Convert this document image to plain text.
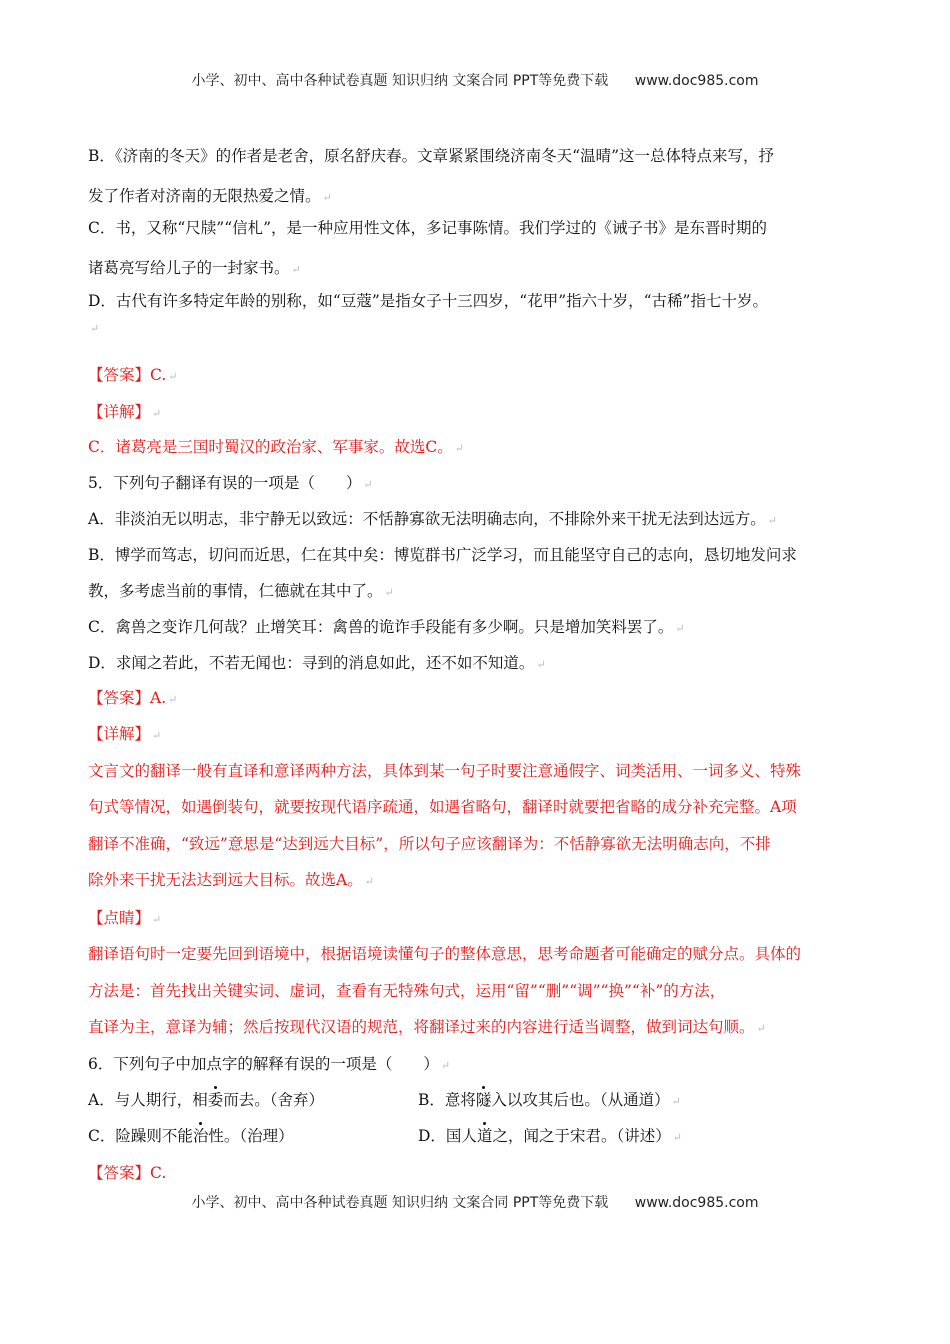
小学、初中、高中各种试卷真题 知识归纳 文案合同 PPT等免费下载 www.doc985.com
B．《济南的冬天》的作者是老舍，原名舒庆春。文章紧紧围绕济南冬天“温晴”这一总体特点来写，抒
发了作者对济南的无限热爱之情。 ↵
C．书，又称“尺牍”“信札”，是一种应用性文体，多记事陈情。我们学过的《诫子书》是东晋时期的
诸葛亮写给儿子的一封家书。 ↵
D．古代有许多特定年龄的别称，如“豆蔻”是指女子十三四岁，“花甲”指六十岁，“古稀”指七十岁。
↵
【答案】C. ↵
【详解】 ↵
C．诸葛亮是三国时蜀汉的政治家、军事家。故选C。 ↵
5．下列句子翻译有误的一项是（　　） ↵
A．非淡泊无以明志，非宁静无以致远：不恬静寡欲无法明确志向，不排除外来干扰无法到达远方。 ↵
B．博学而笃志，切问而近思，仁在其中矣：博览群书广泛学习，而且能坚守自己的志向，恳切地发问求
教，多考虑当前的事情，仁德就在其中了。 ↵
C．禽兽之变诈几何哉？止增笑耳：禽兽的诡诈手段能有多少啊。只是增加笑料罢了。 ↵
D．求闻之若此，不若无闻也：寻到的消息如此，还不如不知道。 ↵
【答案】A. ↵
【详解】 ↵
文言文的翻译一般有直译和意译两种方法，具体到某一句子时要注意通假字、词类活用、一词多义、特殊
句式等情况，如遇倒装句，就要按现代语序疏通，如遇省略句，翻译时就要把省略的成分补充完整。A项
翻译不准确，“致远”意思是“达到远大目标”，所以句子应该翻译为：不恬静寡欲无法明确志向，不排
除外来干扰无法达到远大目标。故选A。 ↵
【点睛】 ↵
翻译语句时一定要先回到语境中，根据语境读懂句子的整体意思，思考命题者可能确定的赋分点。具体的
方法是：首先找出关键实词、虚词，查看有无特殊句式，运用“留”“删”“调”“换”“补”的方法，
直译为主，意译为辅；然后按现代汉语的规范，将翻译过来的内容进行适当调整，做到词达句顺。 ↵
6．下列句子中加点字的解释有误的一项是（　　） ↵
A．与人期行，相委而去。（舍弃）	B．意将隧入以攻其后也。（从通道） ↵
C．险躁则不能治性。（治理）	D．国人道之，闻之于宋君。（讲述） ↵
【答案】C.
小学、初中、高中各种试卷真题 知识归纳 文案合同 PPT等免费下载 www.doc985.com
